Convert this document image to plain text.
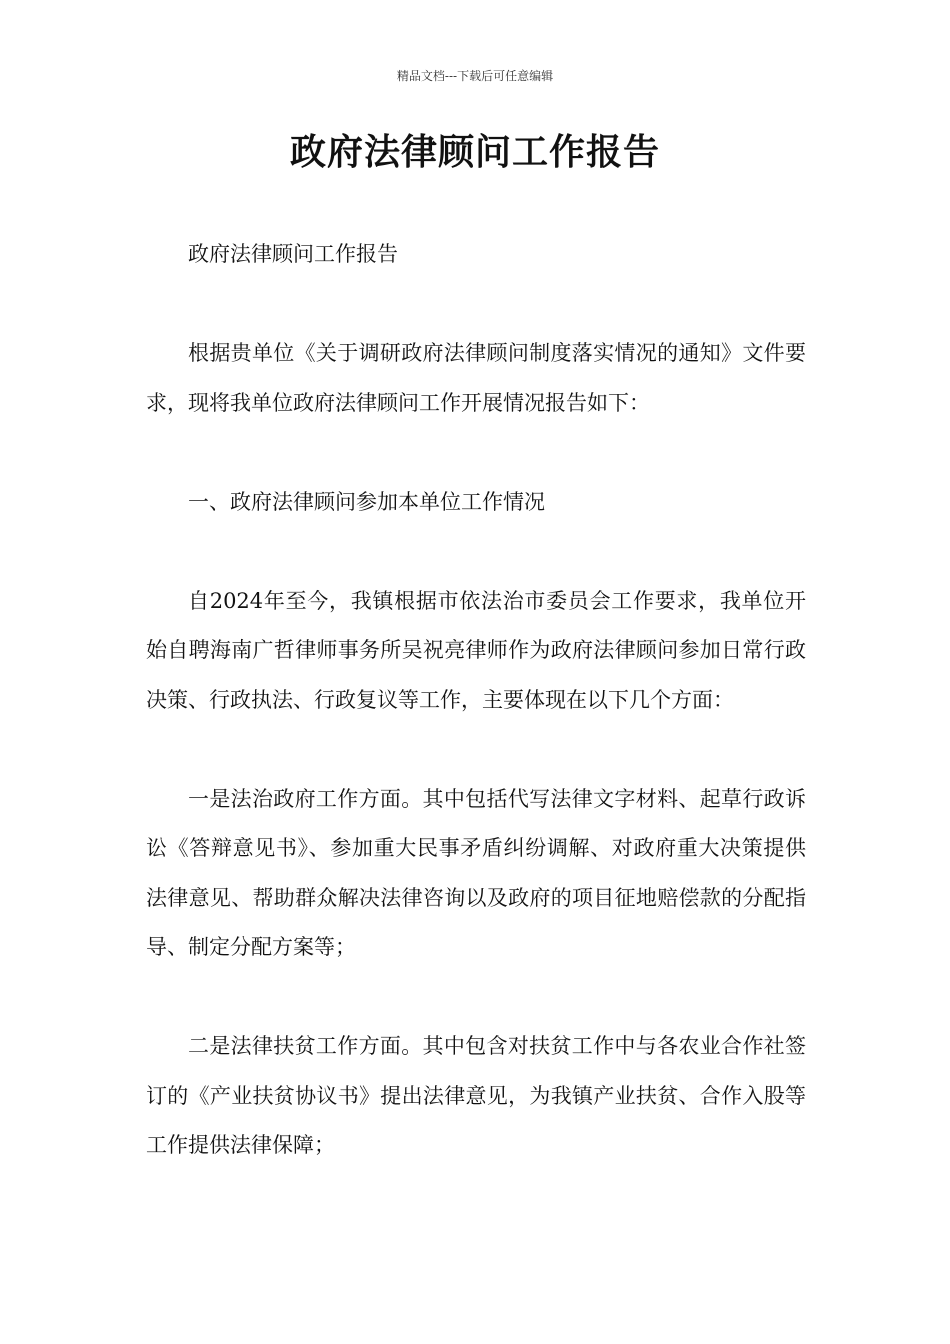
精品文档---下载后可任意编辑
政府法律顾问工作报告

政府法律顾问工作报告

根据贵单位《关于调研政府法律顾问制度落实情况的通知》文件要求，现将我单位政府法律顾问工作开展情况报告如下：

一、政府法律顾问参加本单位工作情况

自2024年至今，我镇根据市依法治市委员会工作要求，我单位开始自聘海南广哲律师事务所吴祝亮律师作为政府法律顾问参加日常行政决策、行政执法、行政复议等工作，主要体现在以下几个方面：

一是法治政府工作方面。其中包括代写法律文字材料、起草行政诉讼《答辩意见书》、参加重大民事矛盾纠纷调解、对政府重大决策提供法律意见、帮助群众解决法律咨询以及政府的项目征地赔偿款的分配指导、制定分配方案等；

二是法律扶贫工作方面。其中包含对扶贫工作中与各农业合作社签订的《产业扶贫协议书》提出法律意见，为我镇产业扶贫、合作入股等工作提供法律保障；
